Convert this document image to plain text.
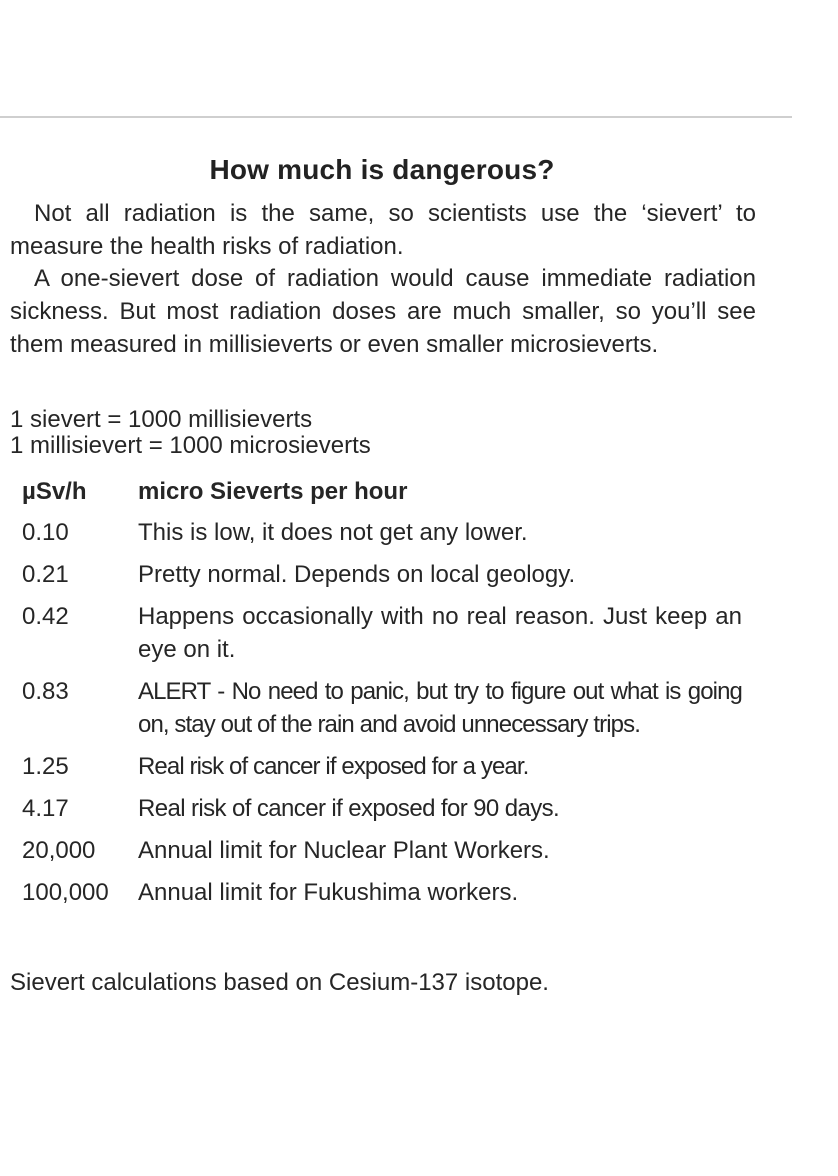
How much is dangerous?

Not all radiation is the same, so scientists use the ‘sievert’ to measure the health risks of radiation.

A one-sievert dose of radiation would cause immediate radiation sickness. But most radiation doses are much smaller, so you’ll see them measured in millisieverts or even smaller microsieverts.

1 sievert = 1000 millisieverts
1 millisievert = 1000 microsieverts
µSv/h	micro Sieverts per hour
0.10	This is low, it does not get any lower.
0.21	Pretty normal. Depends on local geology.
0.42	Happens occasionally with no real reason. Just keep an eye on it.
0.83	ALERT - No need to panic, but try to figure out what is going on, stay out of the rain and avoid unnecessary trips.
1.25	Real risk of cancer if exposed for a year.
4.17	Real risk of cancer if exposed for 90 days.
20,000	Annual limit for Nuclear Plant Workers.
100,000	Annual limit for Fukushima workers.
Sievert calculations based on Cesium-137 isotope.
